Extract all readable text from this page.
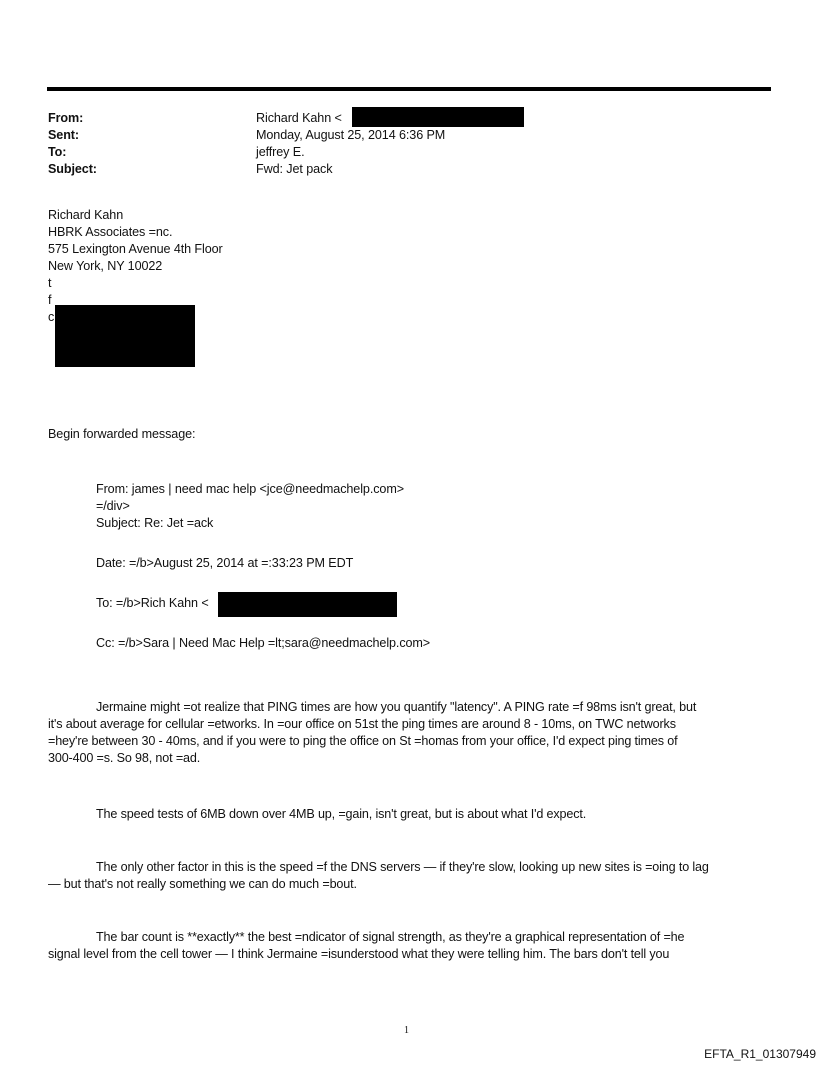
From:	Richard Kahn <
Sent:	Monday, August 25, 2014 6:36 PM
To:	jeffrey E.
Subject:	Fwd: Jet pack
Richard Kahn
HBRK Associates =nc.
575 Lexington Avenue 4th Floor
New York, NY 10022
t
f
c
Begin forwarded message:
From: james | need mac help <jce@needmachelp.com>
=/div>
Subject: Re: Jet =ack
Date: =/b>August 25, 2014 at =:33:23 PM EDT
To: =/b>Rich Kahn <
Cc: =/b>Sara | Need Mac Help =lt;sara@needmachelp.com>
Jermaine might =ot realize that PING times are how you quantify "latency". A PING rate =f 98ms isn't great, but
it's about average for cellular =etworks. In =our office on 51st the ping times are around 8 - 10ms, on TWC networks
=hey're between 30 - 40ms, and if you were to ping the office on St =homas from your office, I'd expect ping times of
300-400 =s. So 98, not =ad.
The speed tests of 6MB down over 4MB up, =gain, isn't great, but is about what I'd expect.
The only other factor in this is the speed =f the DNS servers — if they're slow, looking up new sites is =oing to lag
— but that's not really something we can do much =bout.
The bar count is **exactly** the best =ndicator of signal strength, as they're a graphical representation of =he
signal level from the cell tower — I think Jermaine =isunderstood what they were telling him. The bars don't tell you
1
EFTA_R1_01307949
